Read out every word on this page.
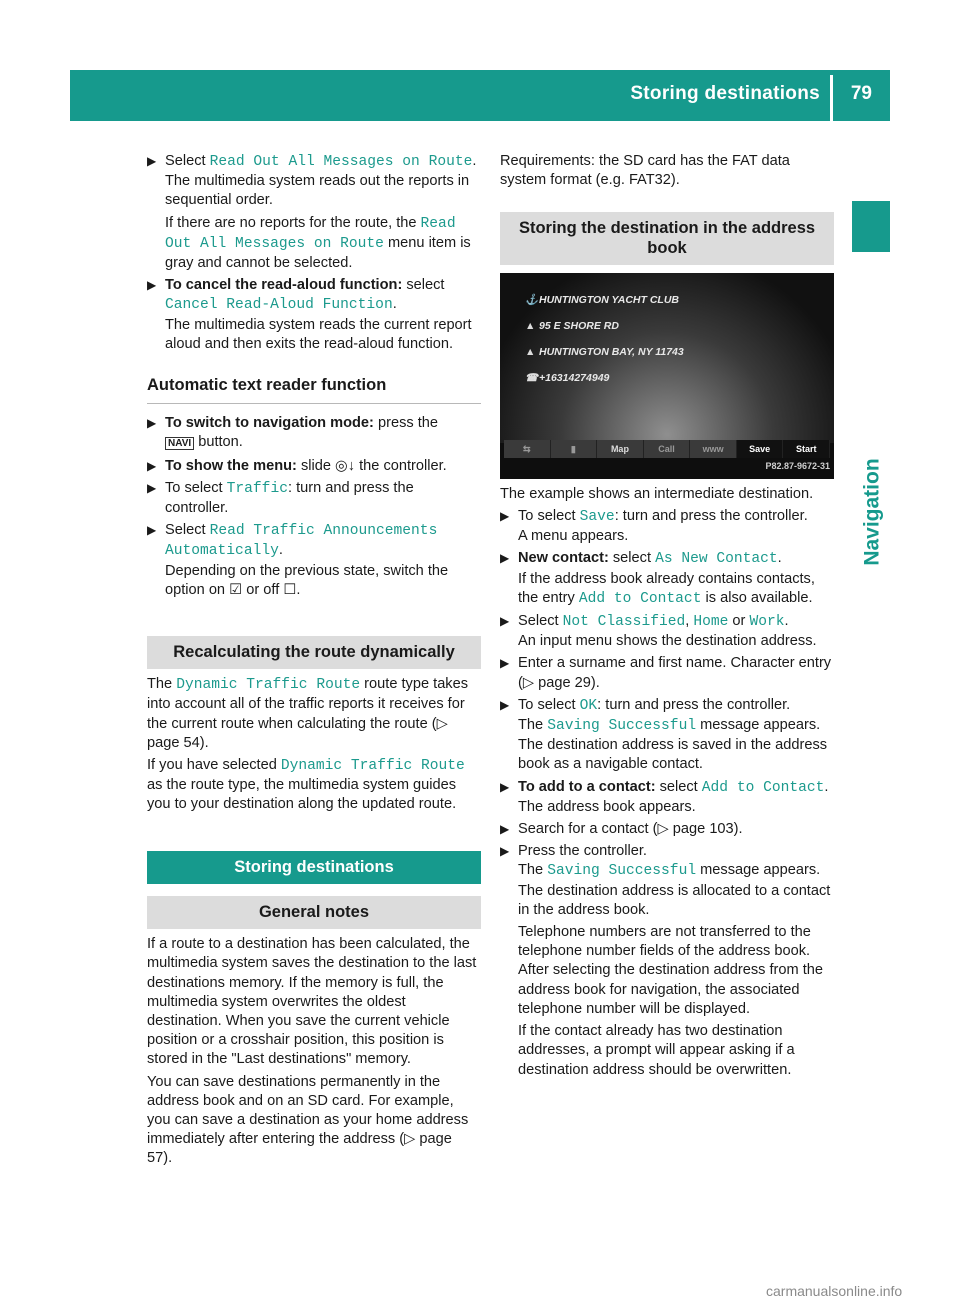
Storing destinations 79
Navigation
▶ Select Read Out All Messages on Route.
The multimedia system reads out the reports in sequential order.
If there are no reports for the route, the Read Out All Messages on Route menu item is gray and cannot be selected.
▶ To cancel the read-aloud function: select
Cancel Read-Aloud Function.
The multimedia system reads the current report aloud and then exits the read-aloud function.
Automatic text reader function
▶ To switch to navigation mode: press the
NAVI button.
▶ To show the menu: slide ◎↓ the controller.
▶ To select Traffic: turn and press the controller.
▶ Select Read Traffic Announcements Automatically.
Depending on the previous state, switch the option on ☑ or off ☐.
Recalculating the route dynamically
The Dynamic Traffic Route route type takes into account all of the traffic reports it receives for the current route when calculating the route (▷ page 54).
If you have selected Dynamic Traffic Route as the route type, the multimedia system guides you to your destination along the updated route.
Storing destinations
General notes
If a route to a destination has been calculated, the multimedia system saves the destination to the last destinations memory. If the memory is full, the multimedia system overwrites the oldest destination. When you save the current vehicle position or a crosshair position, this position is stored in the "Last destinations" memory.
You can save destinations permanently in the address book and on an SD card. For example, you can save a destination as your home address immediately after entering the address (▷ page 57).
Requirements: the SD card has the FAT data system format (e.g. FAT32).
Storing the destination in the address book
⚓HUNTINGTON YACHT CLUB
▲ 95 E SHORE RD
▲ HUNTINGTON BAY, NY 11743
☎+16314274949
⇆	▮	Map	Call	www	Save	Start
P82.87-9672-31
The example shows an intermediate destination.
▶ To select Save: turn and press the controller.
A menu appears.
▶ New contact: select As New Contact.
If the address book already contains contacts, the entry Add to Contact is also available.
▶ Select Not Classified, Home or Work.
An input menu shows the destination address.
▶ Enter a surname and first name. Character entry (▷ page 29).
▶ To select OK: turn and press the controller.
The Saving Successful message appears.
The destination address is saved in the address book as a navigable contact.
▶ To add to a contact: select Add to Contact.
The address book appears.
▶ Search for a contact (▷ page 103).
▶ Press the controller.
The Saving Successful message appears.
The destination address is allocated to a contact in the address book.
Telephone numbers are not transferred to the telephone number fields of the address book. After selecting the destination address from the address book for navigation, the associated telephone number will be displayed.
If the contact already has two destination addresses, a prompt will appear asking if a destination address should be overwritten.
carmanualsonline.info
